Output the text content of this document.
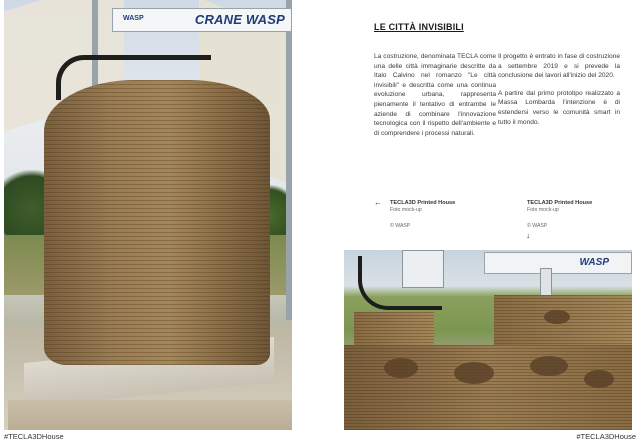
WASP	CRANE WASP	LE CITTÀ INVISIBILI

La costruzione, denominata TECLA come una delle città immaginarie descritte da Italo Calvino nel romanzo "Le città invisibili" e descritta come una continua evoluzione urbana, rappresenta pienamente il tentativo di entrambe le aziende di combinare l'innovazione tecnologica con il rispetto dell'ambiente e di comprendere i processi naturali.

Il progetto è entrato in fase di costruzione a settembre 2019 e si prevede la conclusione dei lavori all'inizio del 2020.

A partire dal primo prototipo realizzato a Massa Lombarda l'intenzione è di estendersi verso le comunità smart in tutto il mondo.

← TECLA3D Printed House
Foto mock-up
© WASP
TECLA3D Printed House
Foto mock-up
© WASP
↓
WASP
#TECLA3DHouse	#TECLA3DHouse
